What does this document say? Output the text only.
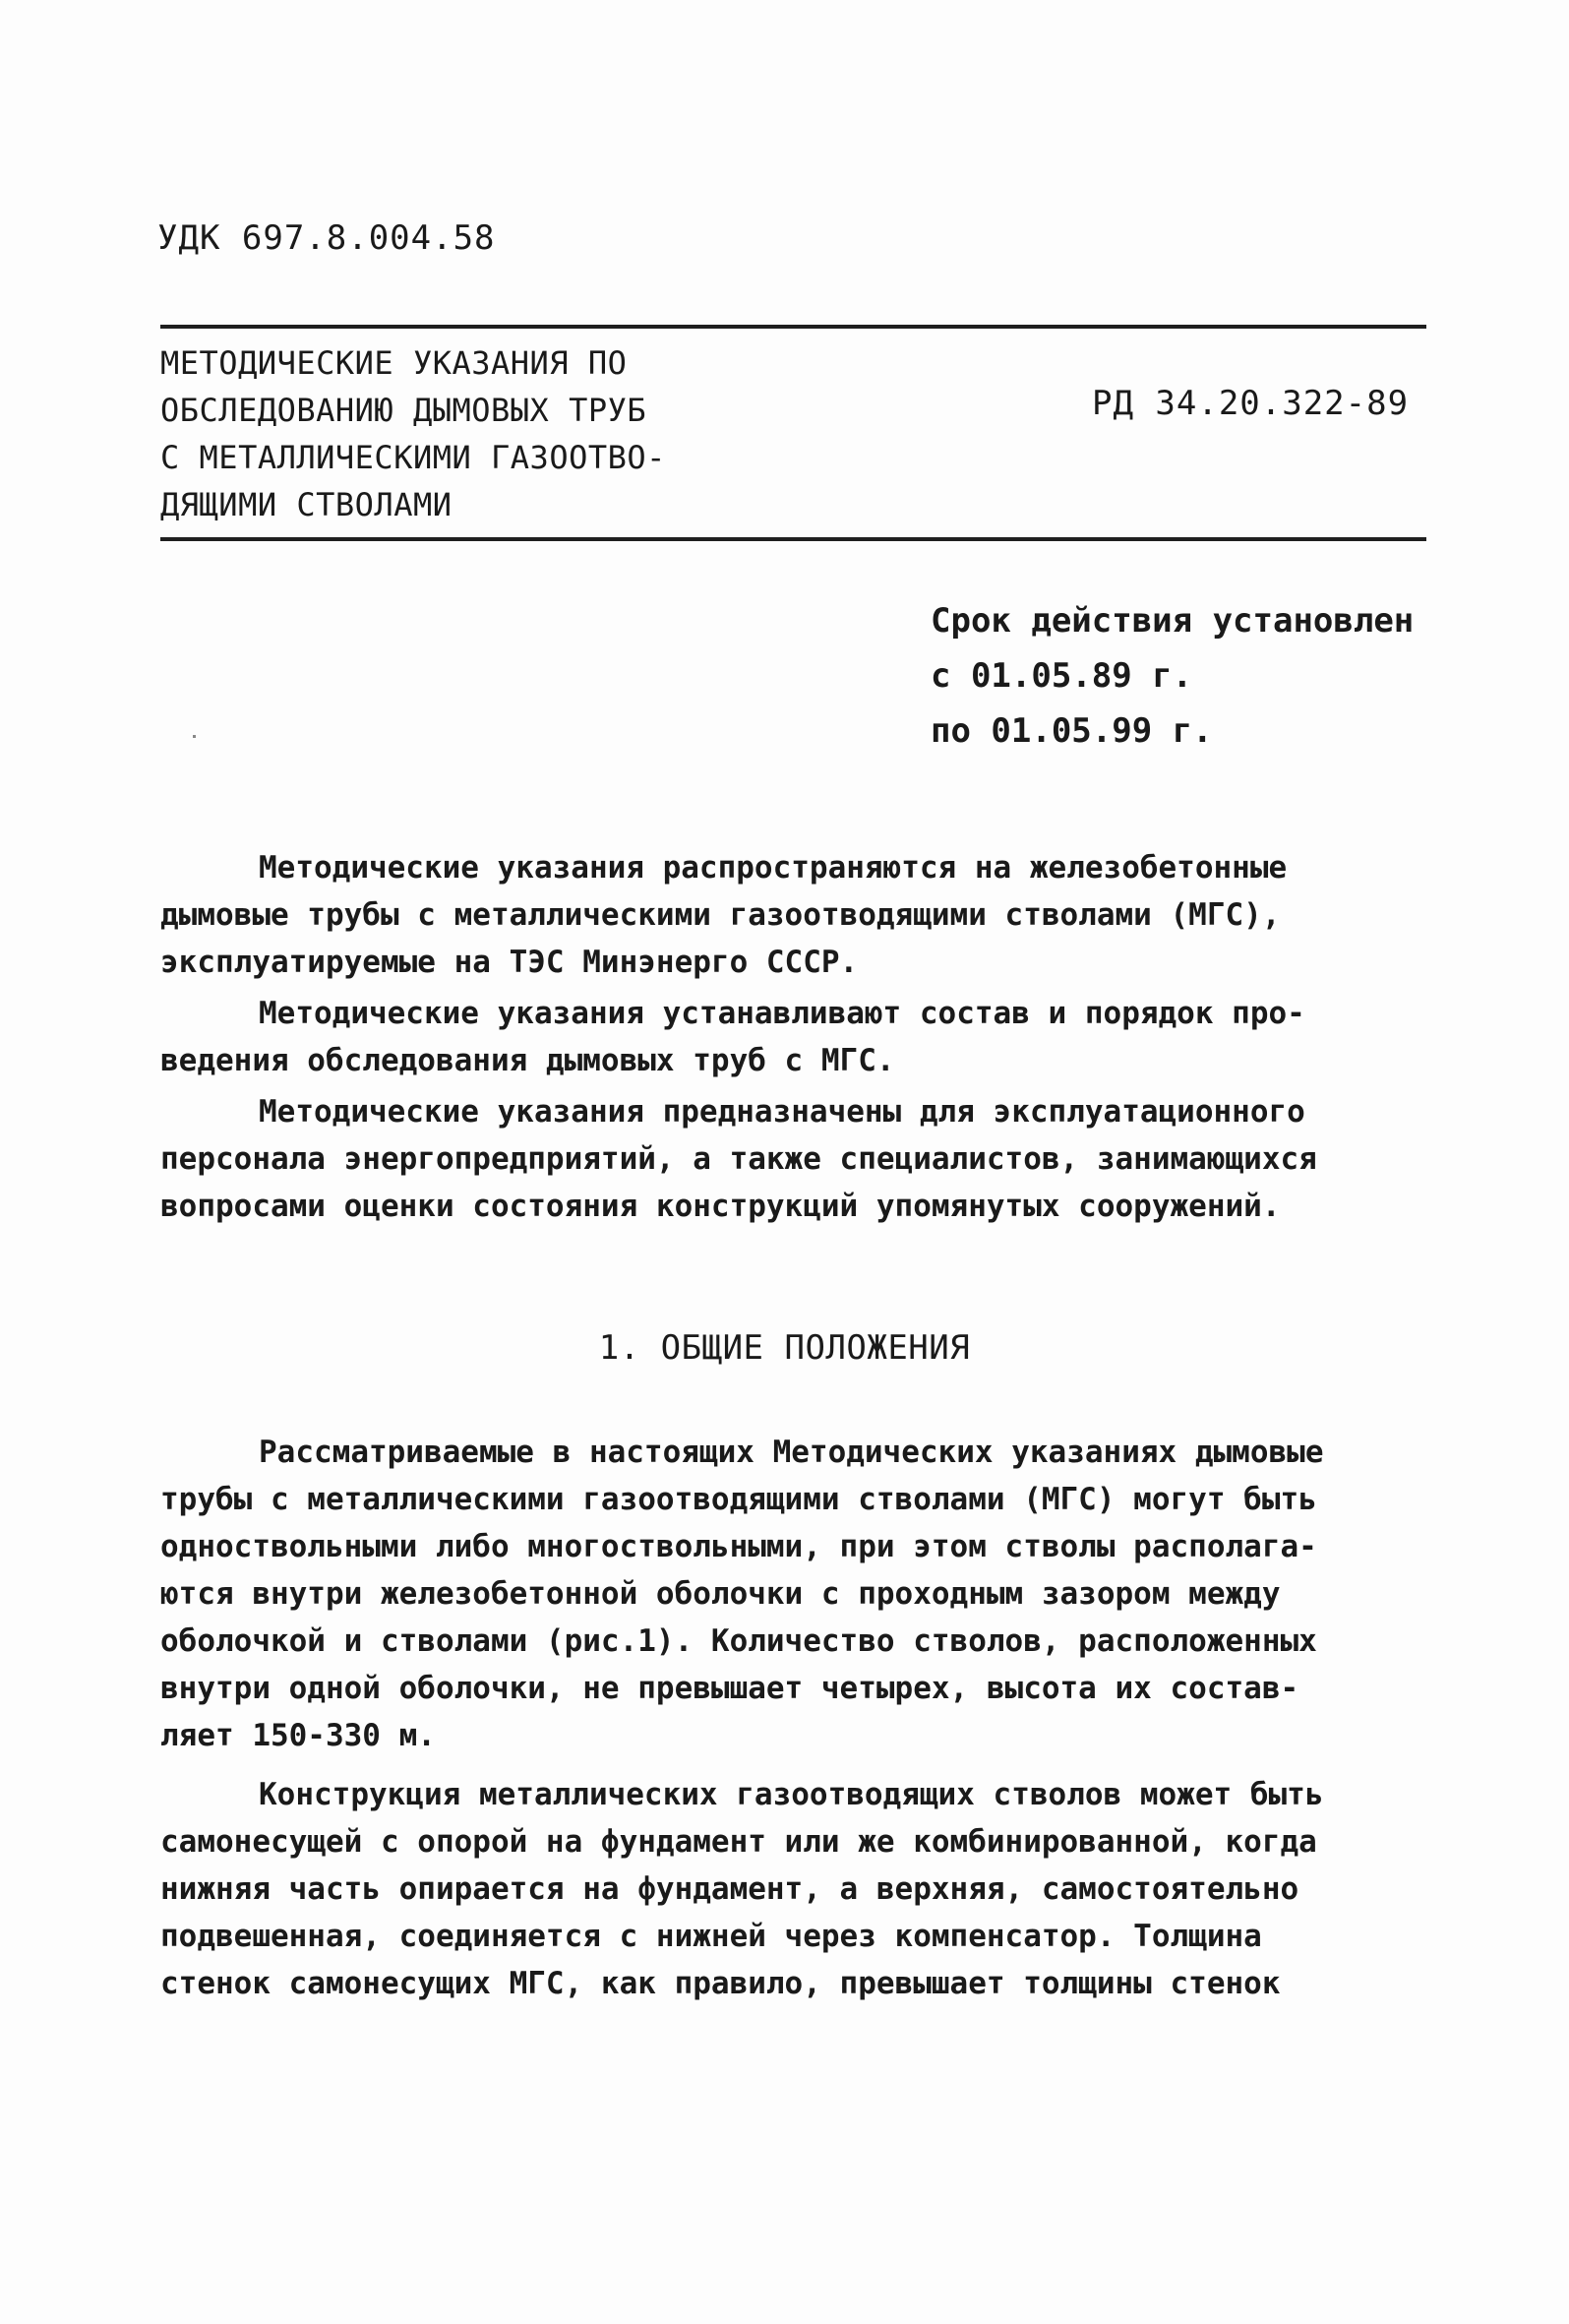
УДК 697.8.004.58
МЕТОДИЧЕСКИЕ УКАЗАНИЯ ПО
ОБСЛЕДОВАНИЮ ДЫМОВЫХ ТРУБ
С МЕТАЛЛИЧЕСКИМИ ГАЗООТВО-
ДЯЩИМИ СТВОЛАМИ
РД 34.20.322-89
Срок действия установлен
с 01.05.89 г.
по 01.05.99 г.
Методические указания распространяются на железобетонные
дымовые трубы с металлическими газоотводящими стволами (МГС),
эксплуатируемые на ТЭС Минэнерго СССР.
Методические указания устанавливают состав и порядок про-
ведения обследования дымовых труб с МГС.
Методические указания предназначены для эксплуатационного
персонала энергопредприятий, а также специалистов, занимающихся
вопросами оценки состояния конструкций упомянутых сооружений.
1. ОБЩИЕ ПОЛОЖЕНИЯ
Рассматриваемые в настоящих Методических указаниях дымовые
трубы с металлическими газоотводящими стволами (МГС) могут быть
одноствольными либо многоствольными, при этом стволы располага-
ются внутри железобетонной оболочки с проходным зазором между
оболочкой и стволами (рис.1). Количество стволов, расположенных
внутри одной оболочки, не превышает четырех, высота их состав-
ляет 150-330 м.
Конструкция металлических газоотводящих стволов может быть
самонесущей с опорой на фундамент или же комбинированной, когда
нижняя часть опирается на фундамент, а верхняя, самостоятельно
подвешенная, соединяется с нижней через компенсатор. Толщина
стенок самонесущих МГС, как правило, превышает толщины стенок
